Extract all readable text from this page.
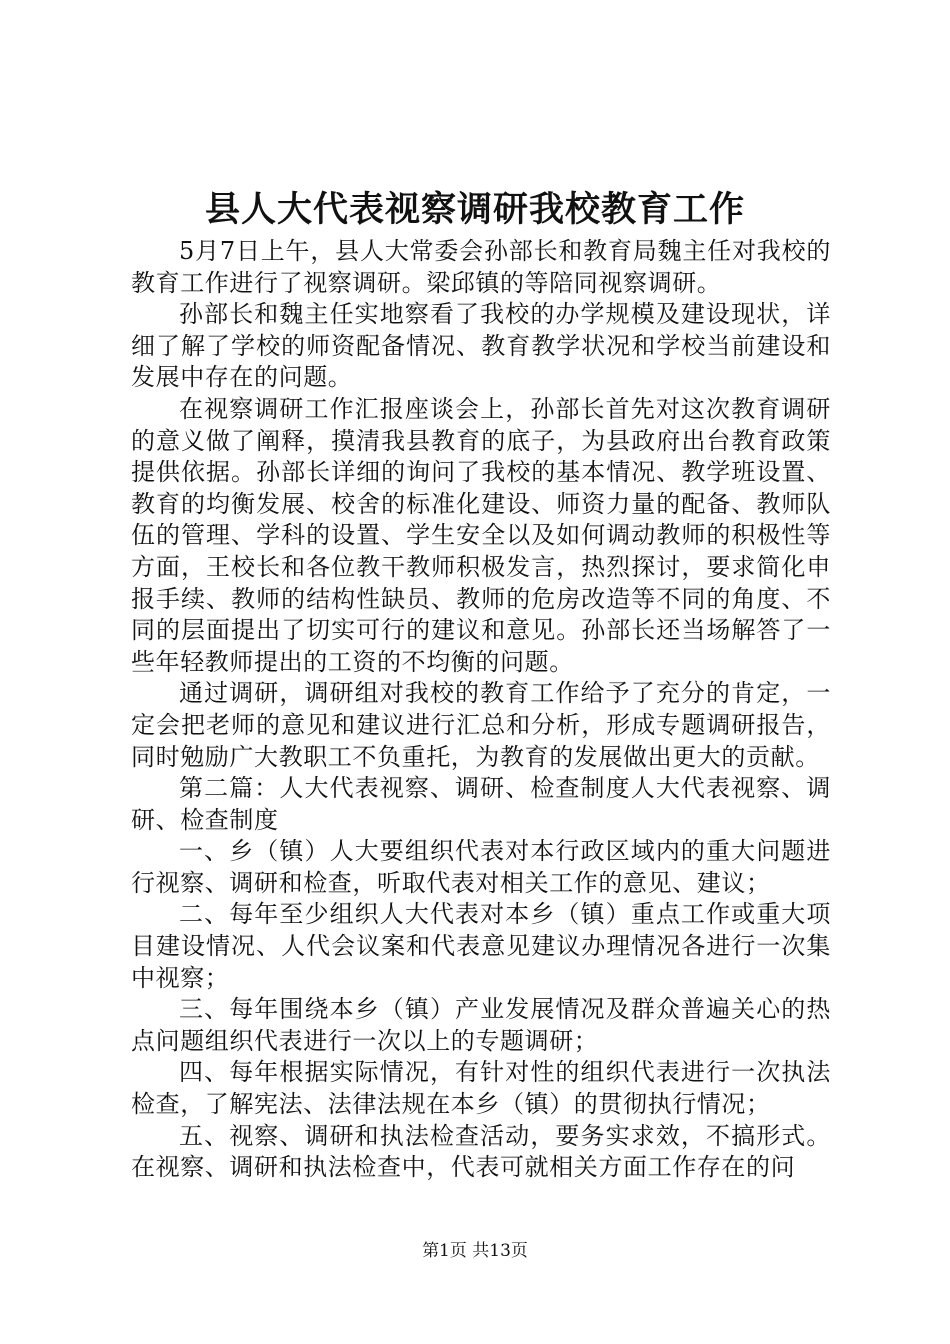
县人大代表视察调研我校教育工作

5月7日上午，县人大常委会孙部长和教育局魏主任对我校的教育工作进行了视察调研。梁邱镇的等陪同视察调研。

孙部长和魏主任实地察看了我校的办学规模及建设现状，详细了解了学校的师资配备情况、教育教学状况和学校当前建设和发展中存在的问题。

在视察调研工作汇报座谈会上，孙部长首先对这次教育调研的意义做了阐释，摸清我县教育的底子，为县政府出台教育政策提供依据。孙部长详细的询问了我校的基本情况、教学班设置、教育的均衡发展、校舍的标准化建设、师资力量的配备、教师队伍的管理、学科的设置、学生安全以及如何调动教师的积极性等方面，王校长和各位教干教师积极发言，热烈探讨，要求简化申报手续、教师的结构性缺员、教师的危房改造等不同的角度、不同的层面提出了切实可行的建议和意见。孙部长还当场解答了一些年轻教师提出的工资的不均衡的问题。

通过调研，调研组对我校的教育工作给予了充分的肯定，一定会把老师的意见和建议进行汇总和分析，形成专题调研报告，同时勉励广大教职工不负重托，为教育的发展做出更大的贡献。

第二篇：人大代表视察、调研、检查制度人大代表视察、调研、检查制度

一、乡（镇）人大要组织代表对本行政区域内的重大问题进行视察、调研和检查，听取代表对相关工作的意见、建议；

二、每年至少组织人大代表对本乡（镇）重点工作或重大项目建设情况、人代会议案和代表意见建议办理情况各进行一次集中视察；

三、每年围绕本乡（镇）产业发展情况及群众普遍关心的热点问题组织代表进行一次以上的专题调研；

四、每年根据实际情况，有针对性的组织代表进行一次执法检查，了解宪法、法律法规在本乡（镇）的贯彻执行情况；

五、视察、调研和执法检查活动，要务实求效，不搞形式。在视察、调研和执法检查中，代表可就相关方面工作存在的问

第1页 共13页
